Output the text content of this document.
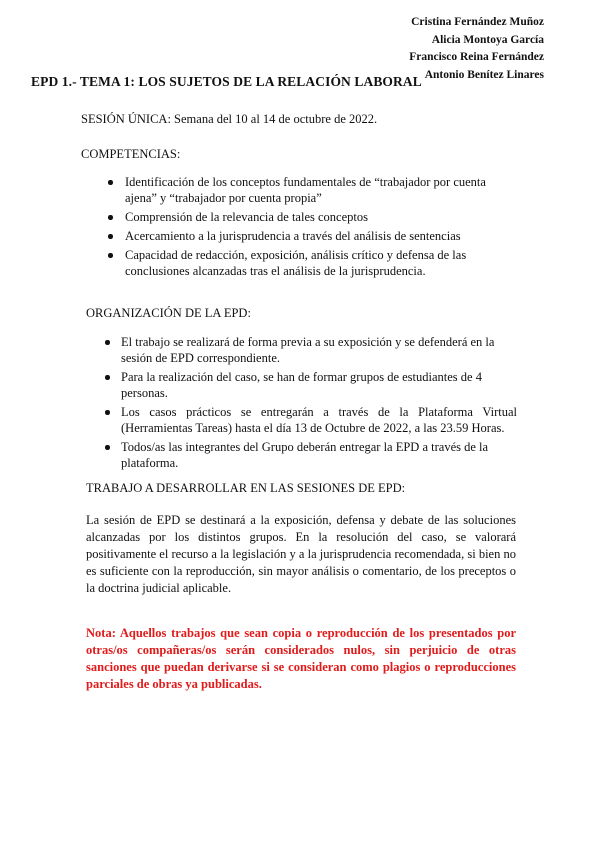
Cristina Fernández Muñoz
Alicia Montoya García
Francisco Reina Fernández
Antonio Benítez Linares
EPD 1.- TEMA 1: LOS SUJETOS DE LA RELACIÓN LABORAL
SESIÓN ÚNICA: Semana del 10 al 14 de octubre de 2022.
COMPETENCIAS:
Identificación de los conceptos fundamentales de “trabajador por cuenta ajena” y “trabajador por cuenta propia”
Comprensión de la relevancia de tales conceptos
Acercamiento a la jurisprudencia a través del análisis de sentencias
Capacidad de redacción, exposición, análisis crítico y defensa de las conclusiones alcanzadas tras el análisis de la jurisprudencia.
ORGANIZACIÓN DE LA EPD:
El trabajo se realizará de forma previa a su exposición y se defenderá en la sesión de EPD correspondiente.
Para la realización del caso, se han de formar grupos de estudiantes de 4 personas.
Los casos prácticos se entregarán a través de la Plataforma Virtual (Herramientas Tareas) hasta el día 13 de Octubre de 2022, a las 23.59 Horas.
Todos/as las integrantes del Grupo deberán entregar la EPD a través de la plataforma.
TRABAJO A DESARROLLAR EN LAS SESIONES DE EPD:
La sesión de EPD se destinará a la exposición, defensa y debate de las soluciones alcanzadas por los distintos grupos. En la resolución del caso, se valorará positivamente el recurso a la legislación y a la jurisprudencia recomendada, si bien no es suficiente con la reproducción, sin mayor análisis o comentario, de los preceptos o la doctrina judicial aplicable.
Nota: Aquellos trabajos que sean copia o reproducción de los presentados por otras/os compañeras/os serán considerados nulos, sin perjuicio de otras sanciones que puedan derivarse si se consideran como plagios o reproducciones parciales de obras ya publicadas.
